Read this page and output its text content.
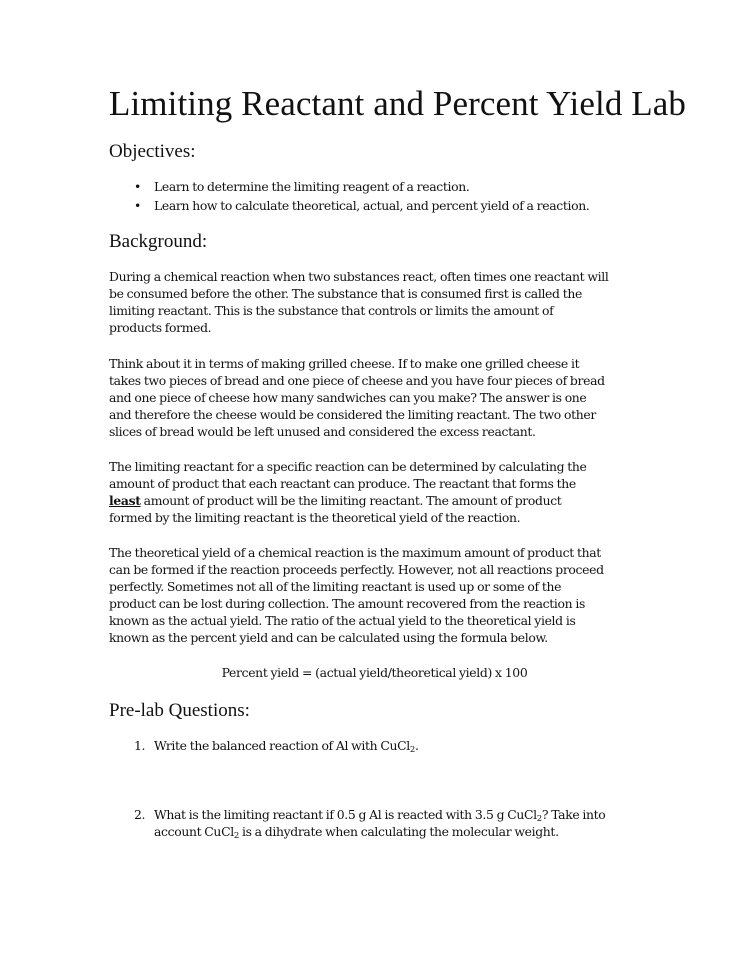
Limiting Reactant and Percent Yield Lab
Objectives:
• Learn to determine the limiting reagent of a reaction.
• Learn how to calculate theoretical, actual, and percent yield of a reaction.
Background:
During a chemical reaction when two substances react, often times one reactant will
be consumed before the other. The substance that is consumed first is called the
limiting reactant. This is the substance that controls or limits the amount of
products formed.
Think about it in terms of making grilled cheese. If to make one grilled cheese it
takes two pieces of bread and one piece of cheese and you have four pieces of bread
and one piece of cheese how many sandwiches can you make? The answer is one
and therefore the cheese would be considered the limiting reactant. The two other
slices of bread would be left unused and considered the excess reactant.
The limiting reactant for a specific reaction can be determined by calculating the
amount of product that each reactant can produce. The reactant that forms the
least amount of product will be the limiting reactant. The amount of product
formed by the limiting reactant is the theoretical yield of the reaction.
The theoretical yield of a chemical reaction is the maximum amount of product that
can be formed if the reaction proceeds perfectly. However, not all reactions proceed
perfectly. Sometimes not all of the limiting reactant is used up or some of the
product can be lost during collection. The amount recovered from the reaction is
known as the actual yield. The ratio of the actual yield to the theoretical yield is
known as the percent yield and can be calculated using the formula below.
Percent yield = (actual yield/theoretical yield) x 100
Pre-lab Questions:
1. Write the balanced reaction of Al with CuCl$_2$.
2. What is the limiting reactant if 0.5 g Al is reacted with 3.5 g CuCl$_2$? Take into
account CuCl$_2$ is a dihydrate when calculating the molecular weight.
